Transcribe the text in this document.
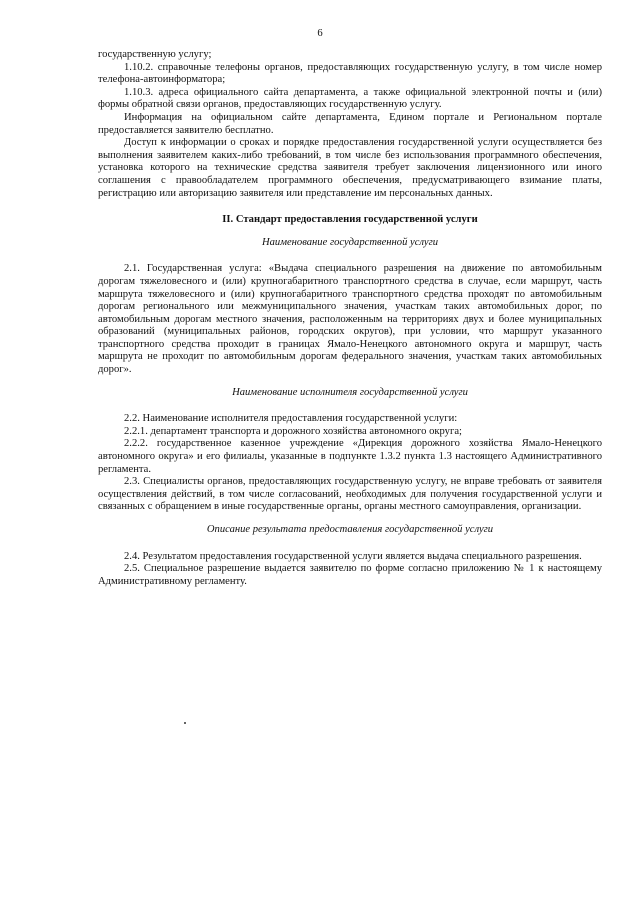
6

государственную услугу;

1.10.2. справочные телефоны органов, предоставляющих государственную услугу, в том числе номер телефона-автоинформатора;

1.10.3. адреса официального сайта департамента, а также официальной электронной почты и (или) формы обратной связи органов, предоставляющих государственную услугу.

Информация на официальном сайте департамента, Едином портале и Региональном портале предоставляется заявителю бесплатно.

Доступ к информации о сроках и порядке предоставления государственной услуги осуществляется без выполнения заявителем каких-либо требований, в том числе без использования программного обеспечения, установка которого на технические средства заявителя требует заключения лицензионного или иного соглашения с правообладателем программного обеспечения, предусматривающего взимание платы, регистрацию или авторизацию заявителя или представление им персональных данных.

II. Стандарт предоставления государственной услуги

Наименование государственной услуги

2.1. Государственная услуга: «Выдача специального разрешения на движение по автомобильным дорогам тяжеловесного и (или) крупногабаритного транспортного средства в случае, если маршрут, часть маршрута тяжеловесного и (или) крупногабаритного транспортного средства проходят по автомобильным дорогам регионального или межмуниципального значения, участкам таких автомобильных дорог, по автомобильным дорогам местного значения, расположенным на территориях двух и более муниципальных образований (муниципальных районов, городских округов), при условии, что маршрут указанного транспортного средства проходит в границах Ямало-Ненецкого автономного округа и маршрут, часть маршрута не проходит по автомобильным дорогам федерального значения, участкам таких автомобильных дорог».

Наименование исполнителя государственной услуги

2.2. Наименование исполнителя предоставления государственной услуги:

2.2.1. департамент транспорта и дорожного хозяйства автономного округа;

2.2.2. государственное казенное учреждение «Дирекция дорожного хозяйства Ямало-Ненецкого автономного округа» и его филиалы, указанные в подпункте 1.3.2 пункта 1.3 настоящего Административного регламента.

2.3. Специалисты органов, предоставляющих государственную услугу, не вправе требовать от заявителя осуществления действий, в том числе согласований, необходимых для получения государственной услуги и связанных с обращением в иные государственные органы, органы местного самоуправления, организации.

Описание результата предоставления государственной услуги

2.4. Результатом предоставления государственной услуги является выдача специального разрешения.

2.5. Специальное разрешение выдается заявителю по форме согласно приложению № 1 к настоящему Административному регламенту.
